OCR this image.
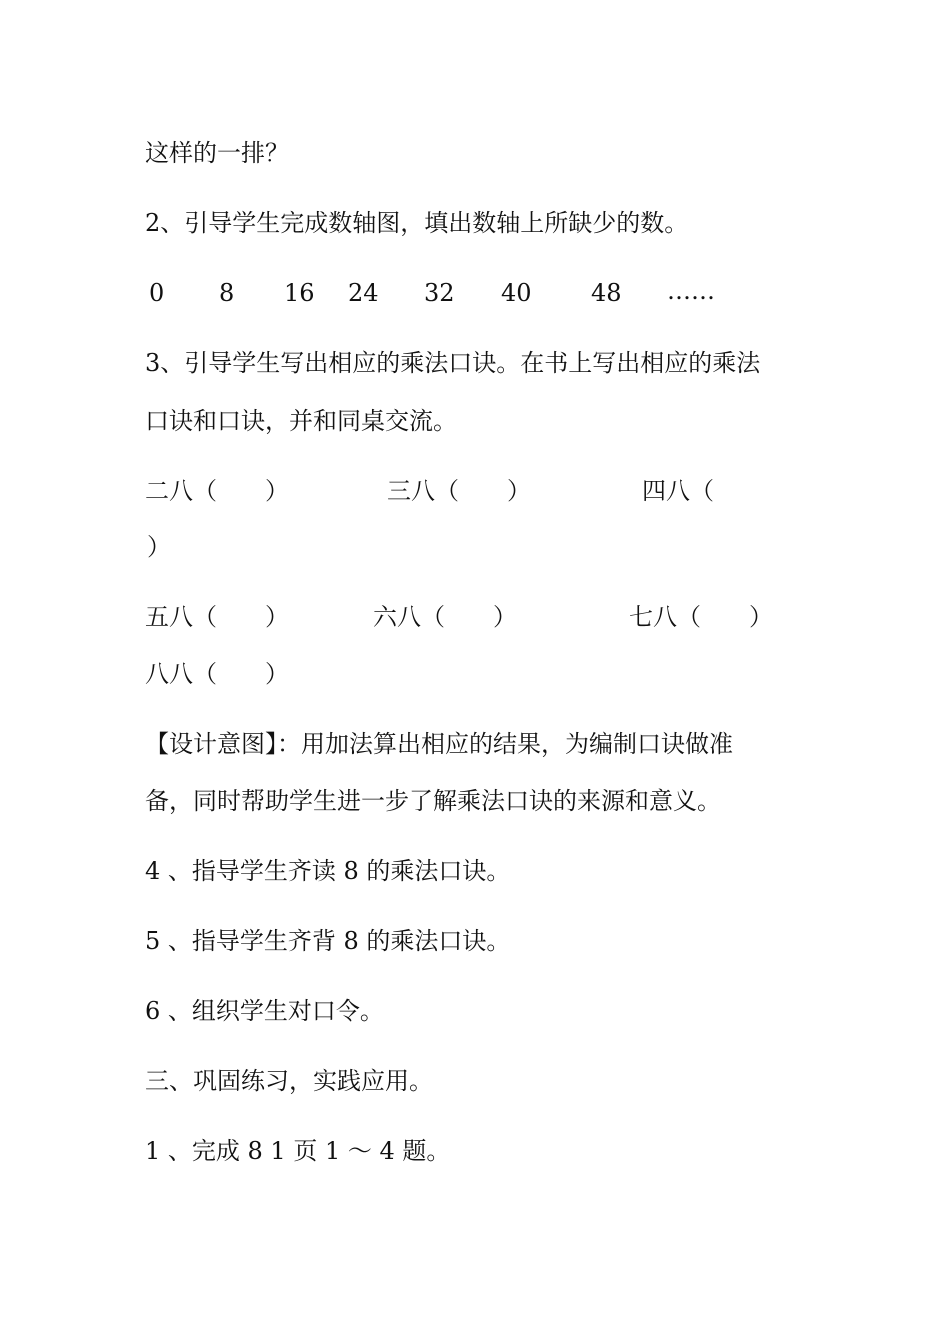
这样的一排？
2、引导学生完成数轴图，填出数轴上所缺少的数。
0 8 16 24 32 40 48 ……
3、引导学生写出相应的乘法口诀。在书上写出相应的乘法
口诀和口诀，并和同桌交流。
二八（　　）	三八（　　）	四八（
）
五八（　　）	六八（　　）	七八（　　）
八八（　　）
【设计意图】：用加法算出相应的结果，为编制口诀做准
备，同时帮助学生进一步了解乘法口诀的来源和意义。
4 、指导学生齐读 8 的乘法口诀。
5 、指导学生齐背 8 的乘法口诀。
6 、组织学生对口令。
三、巩固练习，实践应用。
1 、完成 8 1 页 1 ～ 4 题。
